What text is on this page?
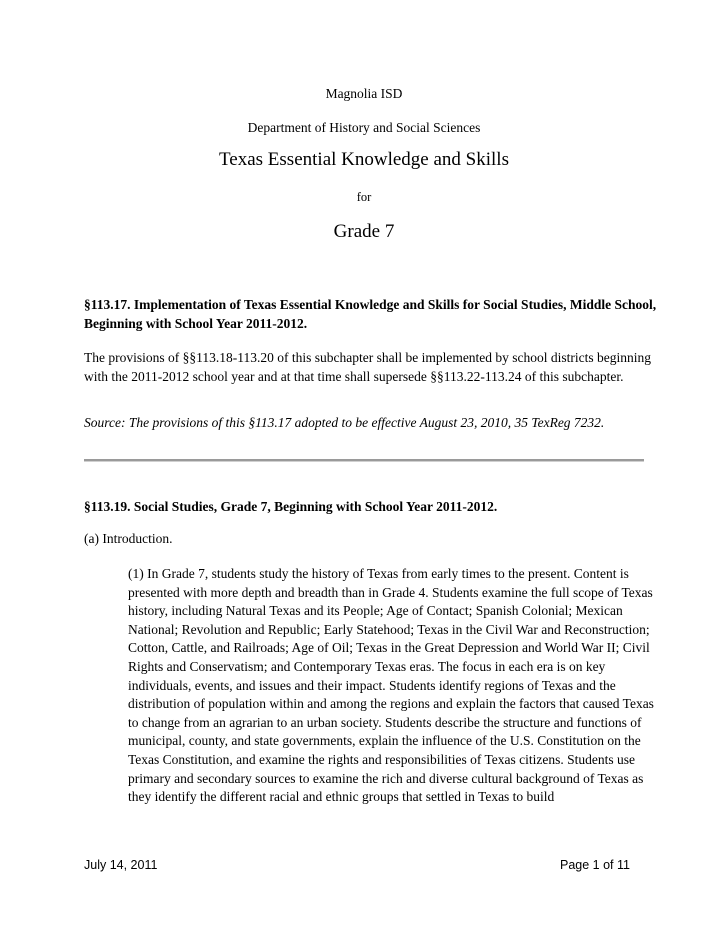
Magnolia ISD
Department of History and Social Sciences
Texas Essential Knowledge and Skills
for
Grade 7
§113.17. Implementation of Texas Essential Knowledge and Skills for Social Studies, Middle School, Beginning with School Year 2011-2012.
The provisions of §§113.18-113.20 of this subchapter shall be implemented by school districts beginning with the 2011-2012 school year and at that time shall supersede §§113.22-113.24 of this subchapter.
Source: The provisions of this §113.17 adopted to be effective August 23, 2010, 35 TexReg 7232.
§113.19. Social Studies, Grade 7, Beginning with School Year 2011-2012.
(a) Introduction.
(1) In Grade 7, students study the history of Texas from early times to the present. Content is presented with more depth and breadth than in Grade 4. Students examine the full scope of Texas history, including Natural Texas and its People; Age of Contact; Spanish Colonial; Mexican National; Revolution and Republic; Early Statehood; Texas in the Civil War and Reconstruction; Cotton, Cattle, and Railroads; Age of Oil; Texas in the Great Depression and World War II; Civil Rights and Conservatism; and Contemporary Texas eras. The focus in each era is on key individuals, events, and issues and their impact. Students identify regions of Texas and the distribution of population within and among the regions and explain the factors that caused Texas to change from an agrarian to an urban society. Students describe the structure and functions of municipal, county, and state governments, explain the influence of the U.S. Constitution on the Texas Constitution, and examine the rights and responsibilities of Texas citizens. Students use primary and secondary sources to examine the rich and diverse cultural background of Texas as they identify the different racial and ethnic groups that settled in Texas to build
July 14, 2011	Page 1 of 11
